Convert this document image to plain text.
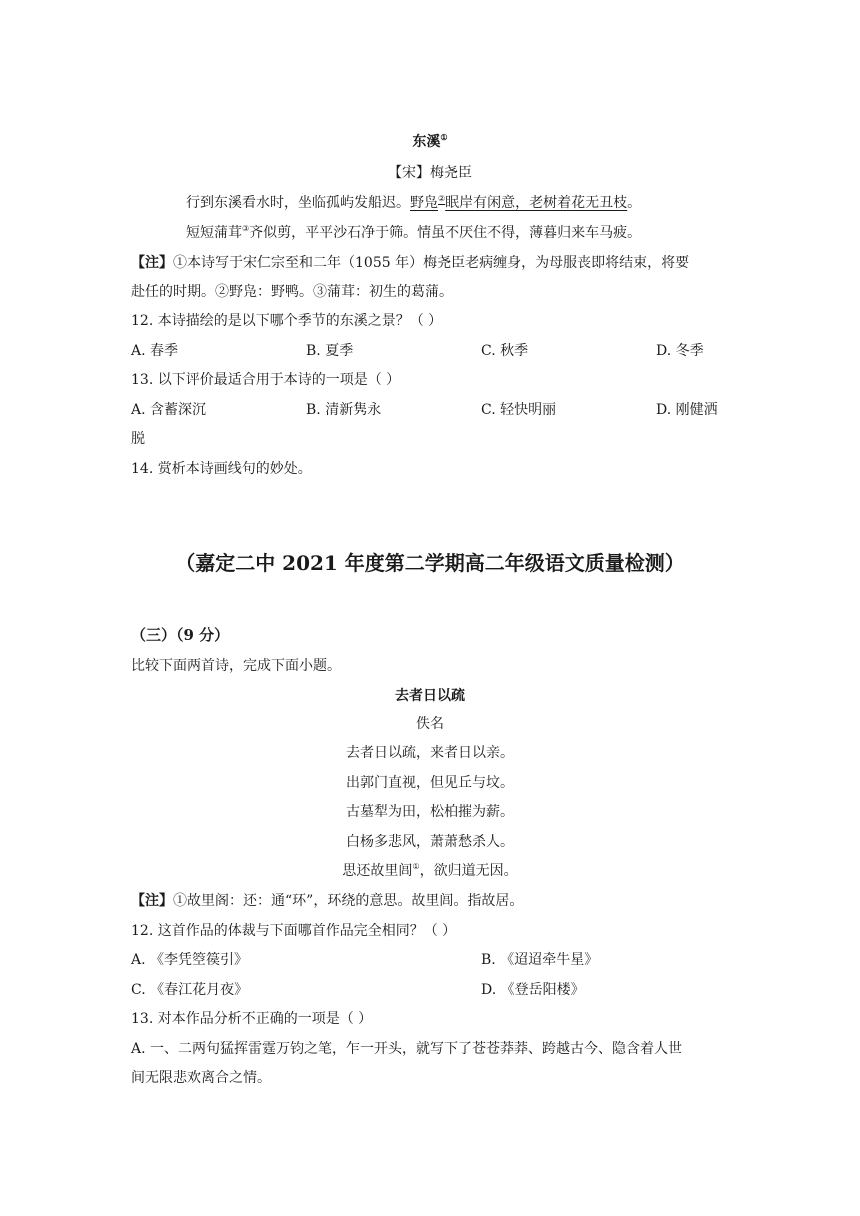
东溪①
【宋】梅尧臣
行到东溪看水时，坐临孤屿发船迟。野凫②眠岸有闲意，老树着花无丑枝。
短短蒲茸③齐似剪，平平沙石净于筛。情虽不厌住不得，薄暮归来车马疲。
【注】①本诗写于宋仁宗至和二年（1055 年）梅尧臣老病缠身，为母服丧即将结束，将要
赴任的时期。②野凫：野鸭。③蒲茸：初生的葛蒲。
12. 本诗描绘的是以下哪个季节的东溪之景？（ ）
A. 春季	B. 夏季	C. 秋季	D. 冬季
13. 以下评价最适合用于本诗的一项是（ ）
A. 含蓄深沉	B. 清新隽永	C. 轻快明丽	D. 刚健洒
脱
14. 赏析本诗画线句的妙处。
（嘉定二中 2021 年度第二学期高二年级语文质量检测）
（三）（9 分）
比较下面两首诗，完成下面小题。
去者日以疏
佚名
去者日以疏，来者日以亲。
出郭门直视，但见丘与坟。
古墓犁为田，松柏摧为薪。
白杨多悲风，萧萧愁杀人。
思还故里闾①，欲归道无因。
【注】①故里阁：还：通“环”，环绕的意思。故里闾。指故居。
12. 这首作品的体裁与下面哪首作品完全相同？（ ）
A. 《李凭箜篌引》	B. 《迢迢牵牛星》
C. 《春江花月夜》	D. 《登岳阳楼》
13. 对本作品分析不正确的一项是（ ）
A. 一、二两句猛挥雷霆万钧之笔，乍一开头，就写下了苍苍莽莽、跨越古今、隐含着人世
间无限悲欢离合之情。
